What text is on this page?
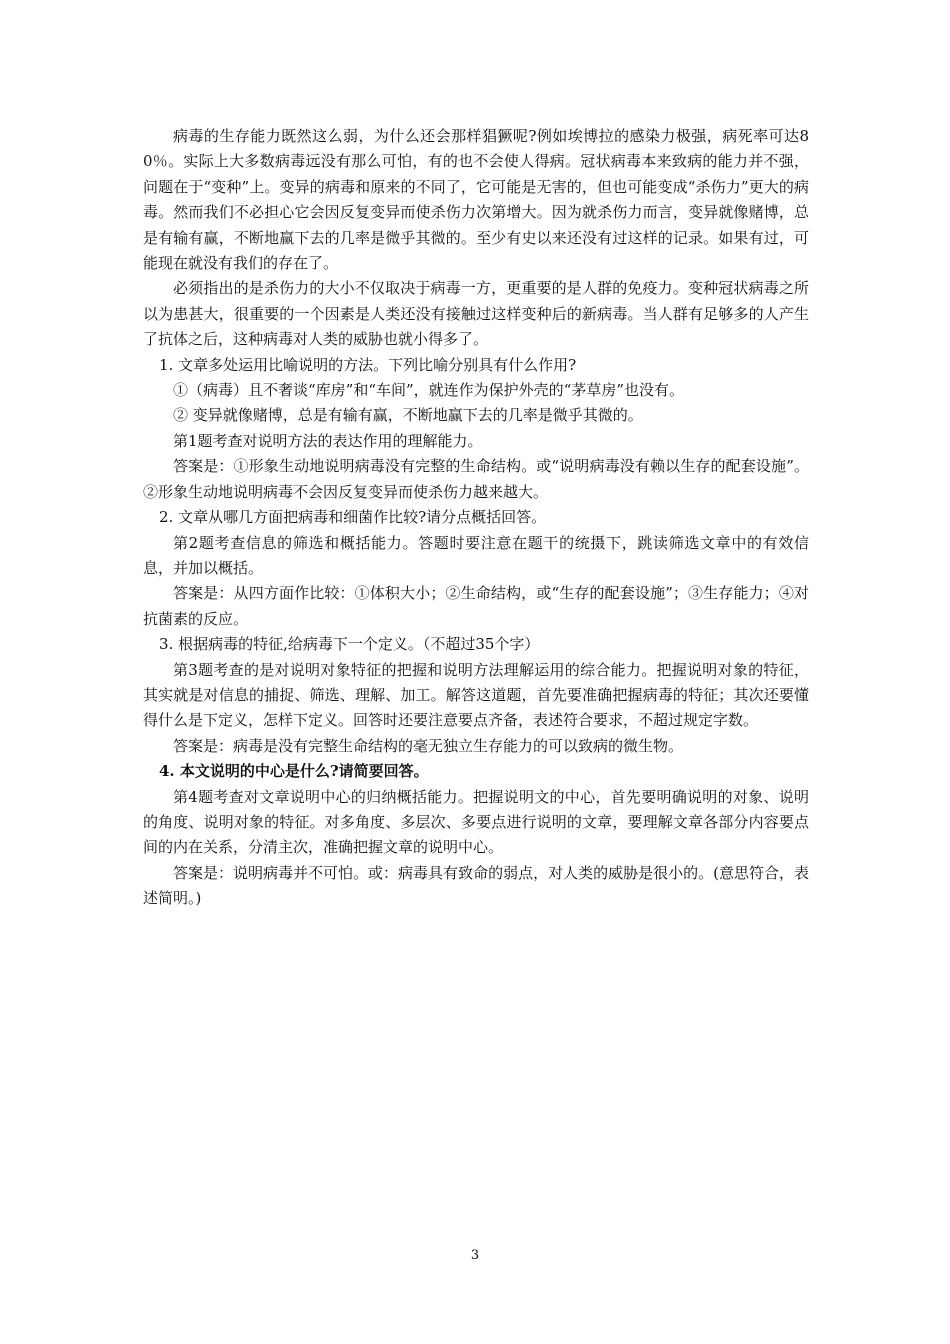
病毒的生存能力既然这么弱，为什么还会那样猖獗呢?例如埃博拉的感染力极强，病死率可达80％。实际上大多数病毒远没有那么可怕，有的也不会使人得病。冠状病毒本来致病的能力并不强，问题在于“变种”上。变异的病毒和原来的不同了，它可能是无害的，但也可能变成“杀伤力”更大的病毒。然而我们不必担心它会因反复变异而使杀伤力次第增大。因为就杀伤力而言，变异就像赌博，总是有输有赢，不断地赢下去的几率是微乎其微的。至少有史以来还没有过这样的记录。如果有过，可能现在就没有我们的存在了。

必须指出的是杀伤力的大小不仅取决于病毒一方，更重要的是人群的免疫力。变种冠状病毒之所以为患甚大，很重要的一个因素是人类还没有接触过这样变种后的新病毒。当人群有足够多的人产生了抗体之后，这种病毒对人类的威胁也就小得多了。

1. 文章多处运用比喻说明的方法。下列比喻分别具有什么作用?

①（病毒）且不奢谈“库房”和“车间”，就连作为保护外壳的“茅草房”也没有。

② 变异就像赌博，总是有输有赢，不断地赢下去的几率是微乎其微的。

第1题考查对说明方法的表达作用的理解能力。

答案是：①形象生动地说明病毒没有完整的生命结构。或“说明病毒没有赖以生存的配套设施”。②形象生动地说明病毒不会因反复变异而使杀伤力越来越大。

2. 文章从哪几方面把病毒和细菌作比较?请分点概括回答。

第2题考查信息的筛选和概括能力。答题时要注意在题干的统摄下，跳读筛选文章中的有效信息，并加以概括。

答案是：从四方面作比较：①体积大小；②生命结构，或“生存的配套设施”；③生存能力；④对抗菌素的反应。

3. 根据病毒的特征,给病毒下一个定义。（不超过35个字）

第3题考查的是对说明对象特征的把握和说明方法理解运用的综合能力。把握说明对象的特征，其实就是对信息的捕捉、筛选、理解、加工。解答这道题，首先要准确把握病毒的特征；其次还要懂得什么是下定义，怎样下定义。回答时还要注意要点齐备，表述符合要求，不超过规定字数。

答案是：病毒是没有完整生命结构的毫无独立生存能力的可以致病的微生物。

4. 本文说明的中心是什么?请简要回答。

第4题考查对文章说明中心的归纳概括能力。把握说明文的中心，首先要明确说明的对象、说明的角度、说明对象的特征。对多角度、多层次、多要点进行说明的文章，要理解文章各部分内容要点间的内在关系，分清主次，准确把握文章的说明中心。

答案是：说明病毒并不可怕。或：病毒具有致命的弱点，对人类的威胁是很小的。(意思符合，表述简明。)

3
